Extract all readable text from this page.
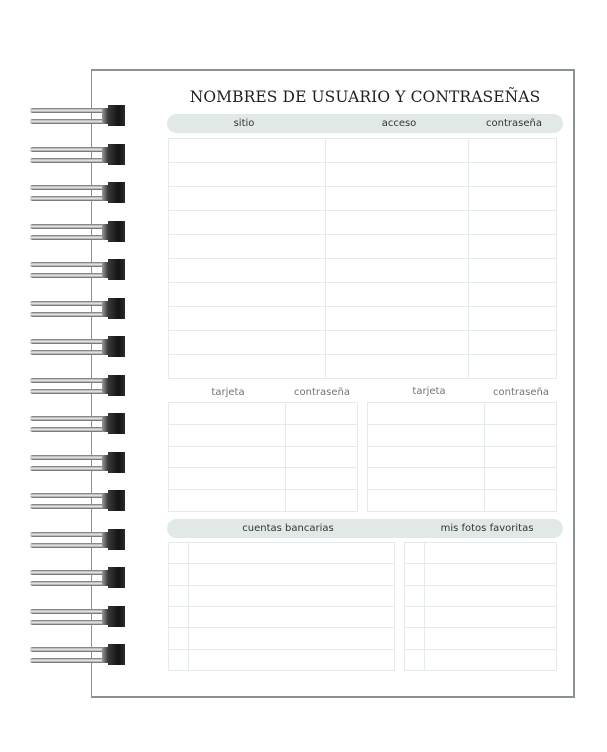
NOMBRES DE USUARIO Y CONTRASEÑAS
sitio	acceso	contraseña

tarjeta	contraseña	tarjeta	contraseña

cuentas bancarias	mis fotos favoritas
